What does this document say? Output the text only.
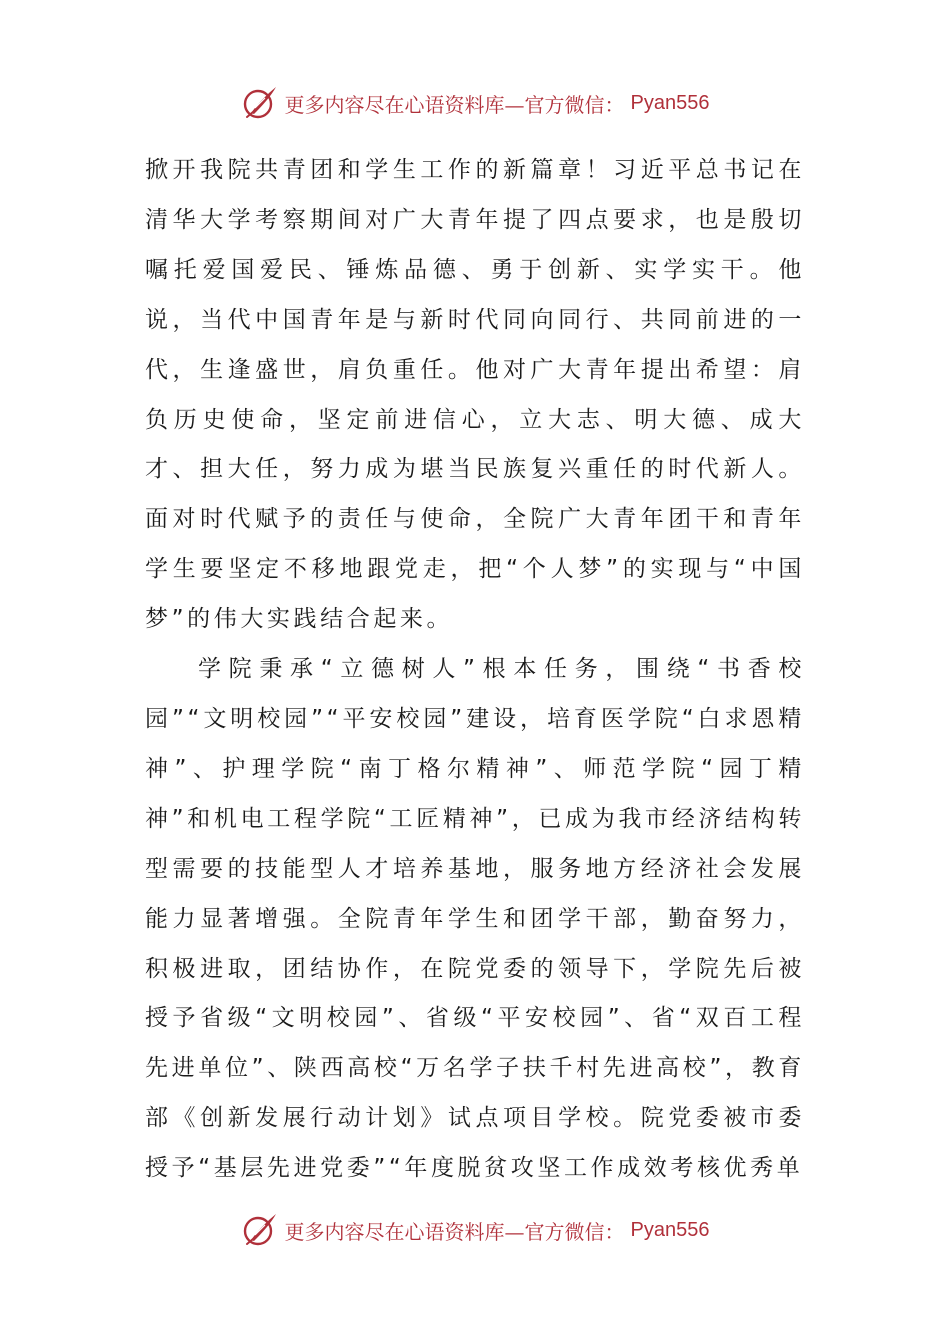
更多内容尽在心语资料库—官方微信： Pyan556

掀开我院共青团和学生工作的新篇章！习近平总书记在清华大学考察期间对广大青年提了四点要求，也是殷切嘱托爱国爱民、锤炼品德、勇于创新、实学实干。他说，当代中国青年是与新时代同向同行、共同前进的一代，生逢盛世，肩负重任。他对广大青年提出希望：肩负历史使命，坚定前进信心，立大志、明大德、成大才、担大任，努力成为堪当民族复兴重任的时代新人。面对时代赋予的责任与使命，全院广大青年团干和青年学生要坚定不移地跟党走，把“个人梦”的实现与“中国梦”的伟大实践结合起来。

学院秉承“立德树人”根本任务，围绕“书香校园”“文明校园”“平安校园”建设，培育医学院“白求恩精神”、护理学院“南丁格尔精神”、师范学院“园丁精神”和机电工程学院“工匠精神”，已成为我市经济结构转型需要的技能型人才培养基地，服务地方经济社会发展能力显著增强。全院青年学生和团学干部，勤奋努力，积极进取，团结协作，在院党委的领导下，学院先后被授予省级“文明校园”、省级“平安校园”、省“双百工程先进单位”、陕西高校“万名学子扶千村先进高校”，教育部《创新发展行动计划》试点项目学校。院党委被市委授予“基层先进党委”“年度脱贫攻坚工作成效考核优秀单

更多内容尽在心语资料库—官方微信： Pyan556
